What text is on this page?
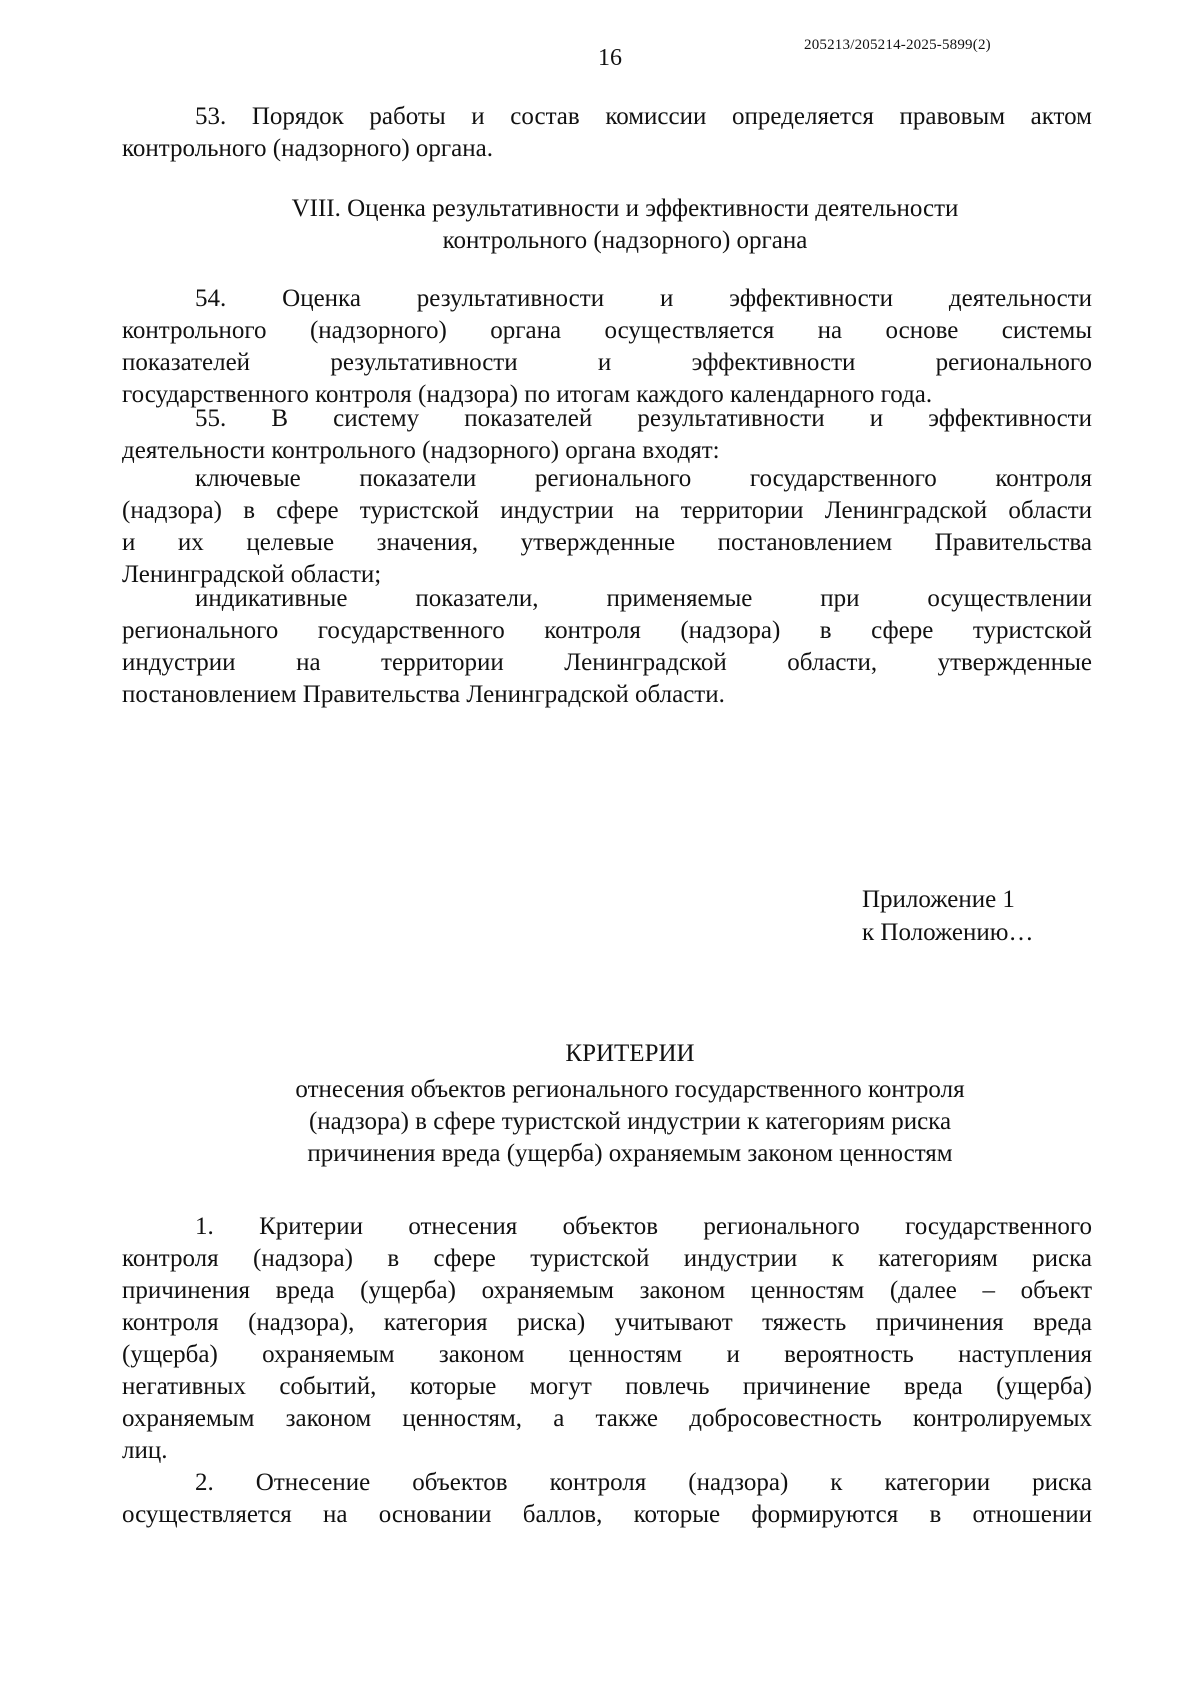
205213/205214-2025-5899(2)
16

53. Порядок работы и состав комиссии определяется правовым актом

контрольного (надзорного) органа.

VIII. Оценка результативности и эффективности деятельности

контрольного (надзорного) органа

54. Оценка результативности и эффективности деятельности

контрольного (надзорного) органа осуществляется на основе системы

показателей результативности и эффективности регионального

государственного контроля (надзора) по итогам каждого календарного года.

55. В систему показателей результативности и эффективности

деятельности контрольного (надзорного) органа входят:

ключевые показатели регионального государственного контроля

(надзора) в сфере туристской индустрии на территории Ленинградской области

и их целевые значения, утвержденные постановлением Правительства

Ленинградской области;

индикативные показатели, применяемые при осуществлении

регионального государственного контроля (надзора) в сфере туристской

индустрии на территории Ленинградской области, утвержденные

постановлением Правительства Ленинградской области.

Приложение 1
к Положению…
КРИТЕРИИ

отнесения объектов регионального государственного контроля

(надзора) в сфере туристской индустрии к категориям риска

причинения вреда (ущерба) охраняемым законом ценностям

1. Критерии отнесения объектов регионального государственного

контроля (надзора) в сфере туристской индустрии к категориям риска

причинения вреда (ущерба) охраняемым законом ценностям (далее – объект

контроля (надзора), категория риска) учитывают тяжесть причинения вреда

(ущерба) охраняемым законом ценностям и вероятность наступления

негативных событий, которые могут повлечь причинение вреда (ущерба)

охраняемым законом ценностям, а также добросовестность контролируемых

лиц.

2. Отнесение объектов контроля (надзора) к категории риска

осуществляется на основании баллов, которые формируются в отношении
